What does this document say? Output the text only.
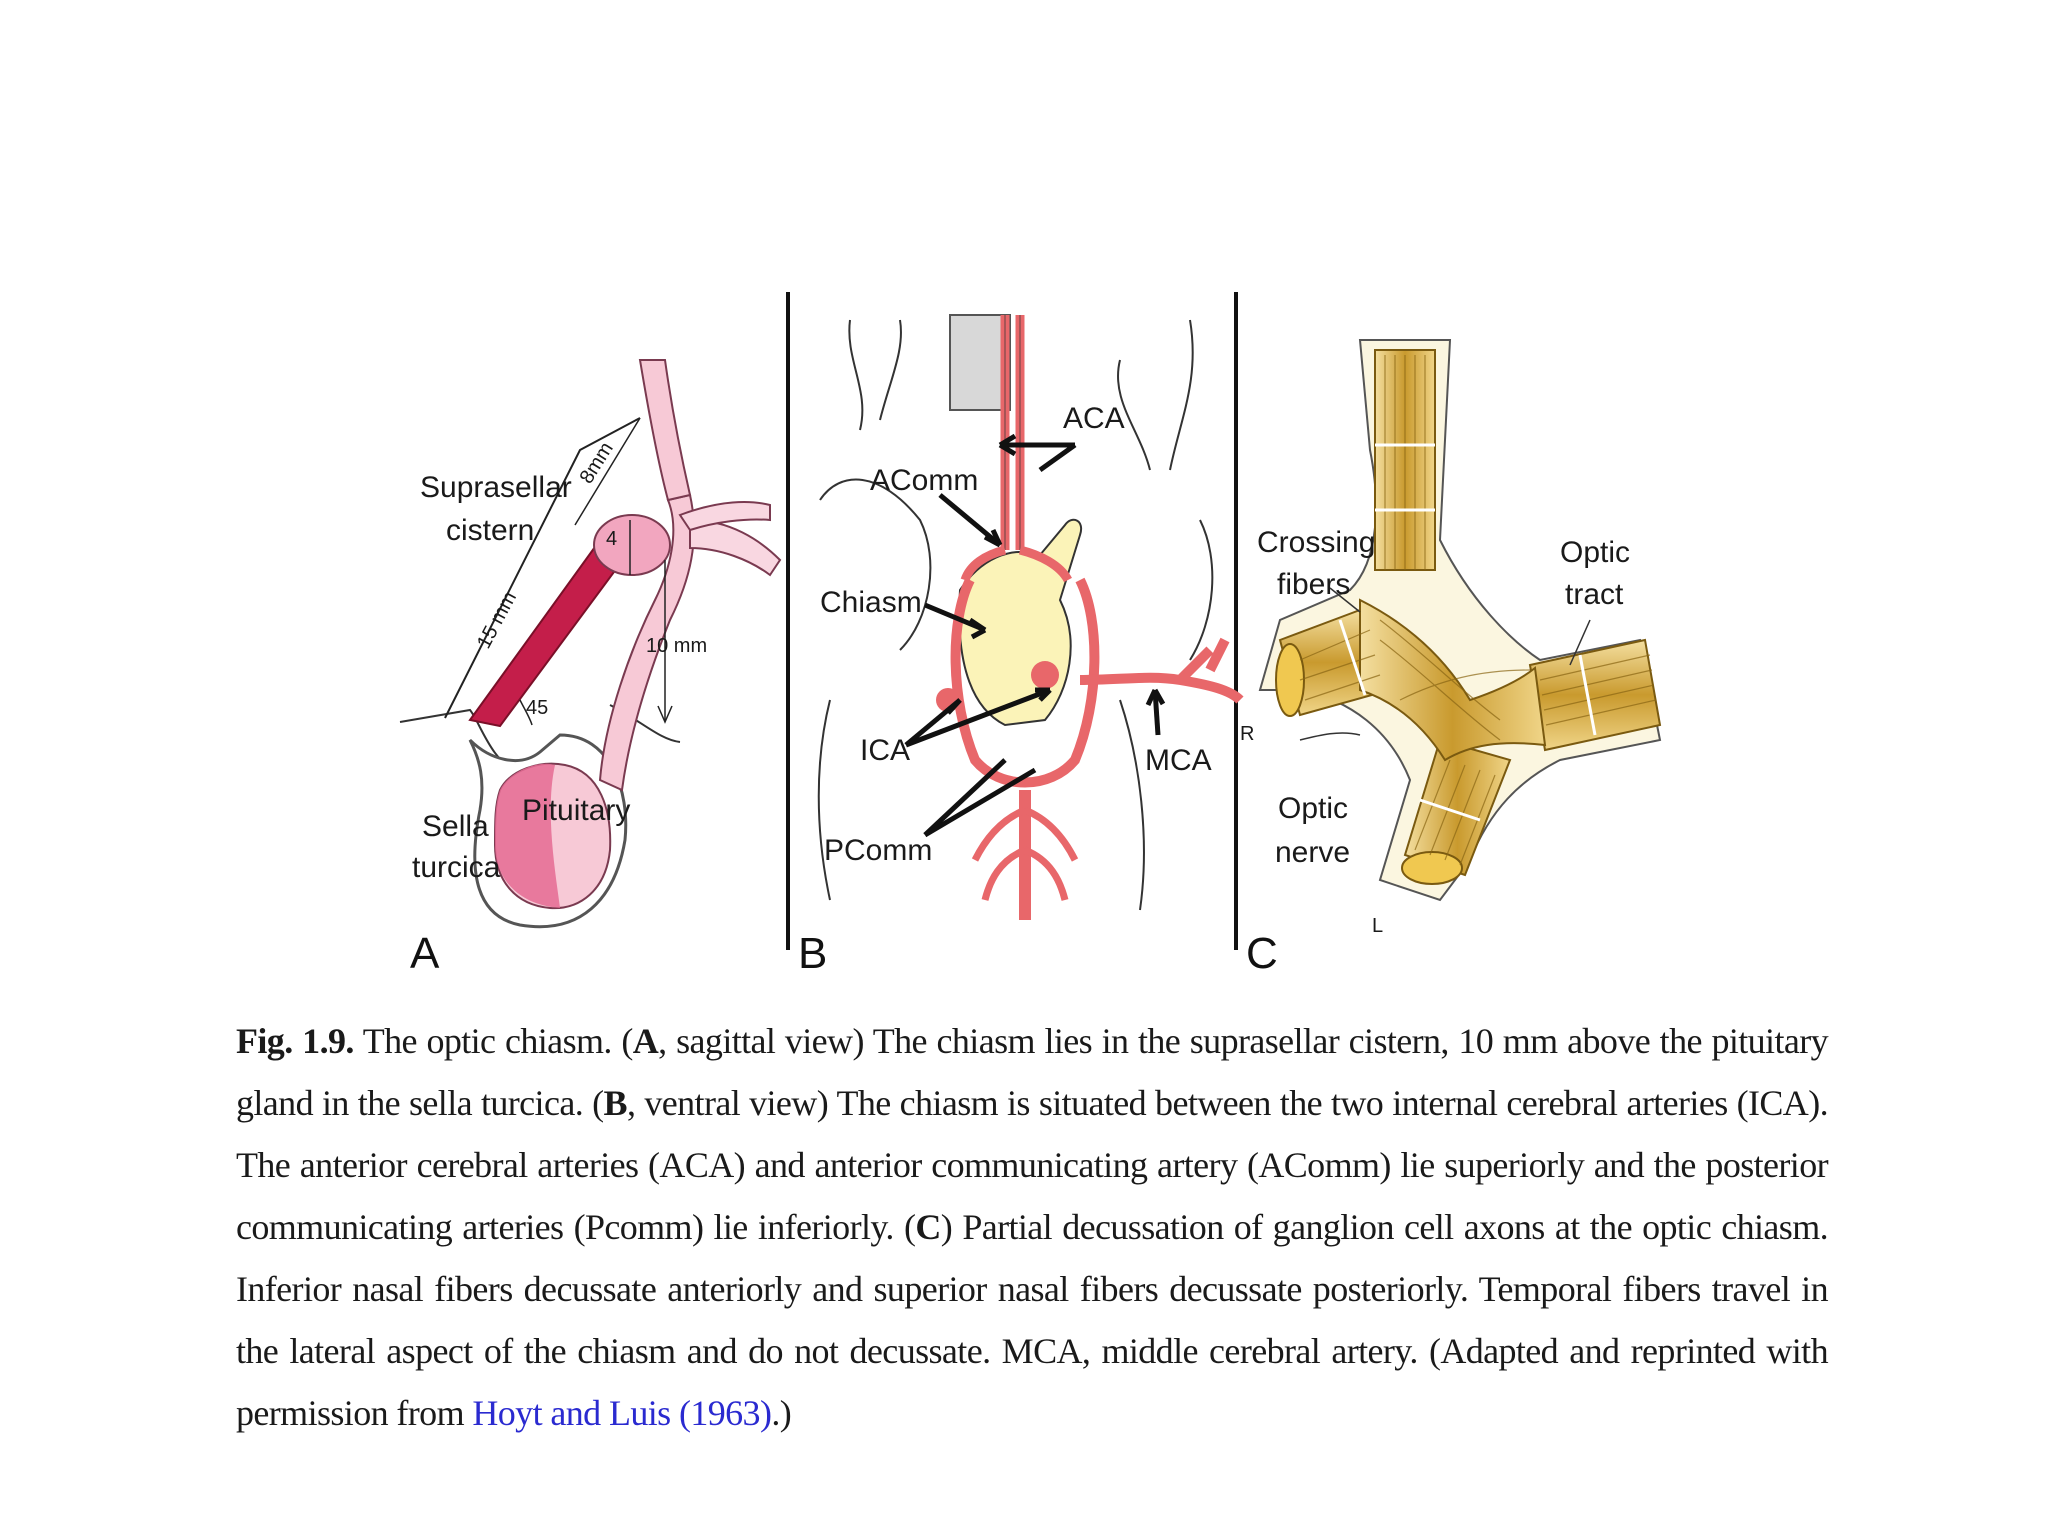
Suprasellar
cistern
Sella
turcica
Pituitary
8mm
15 mm	10 mm
4
45
A
ACA
AComm
Chiasm
ICA	MCA
PComm
R
B
Crossing
fibers
Optic
tract
Optic
nerve
L
C
Fig. 1.9. The optic chiasm. (A, sagittal view) The chiasm lies in the suprasellar cistern, 10 mm above the pituitary gland in the sella turcica. (B, ventral view) The chiasm is situated between the two internal cerebral arteries (ICA). The anterior cerebral arteries (ACA) and anterior communicating artery (AComm) lie superiorly and the posterior communicating arteries (Pcomm) lie inferiorly. (C) Partial decussation of ganglion cell axons at the optic chiasm. Inferior nasal fibers decussate anteriorly and superior nasal fibers decussate posteriorly. Temporal fibers travel in the lateral aspect of the chiasm and do not decussate. MCA, middle cerebral artery. (Adapted and reprinted with permission from Hoyt and Luis (1963).)
